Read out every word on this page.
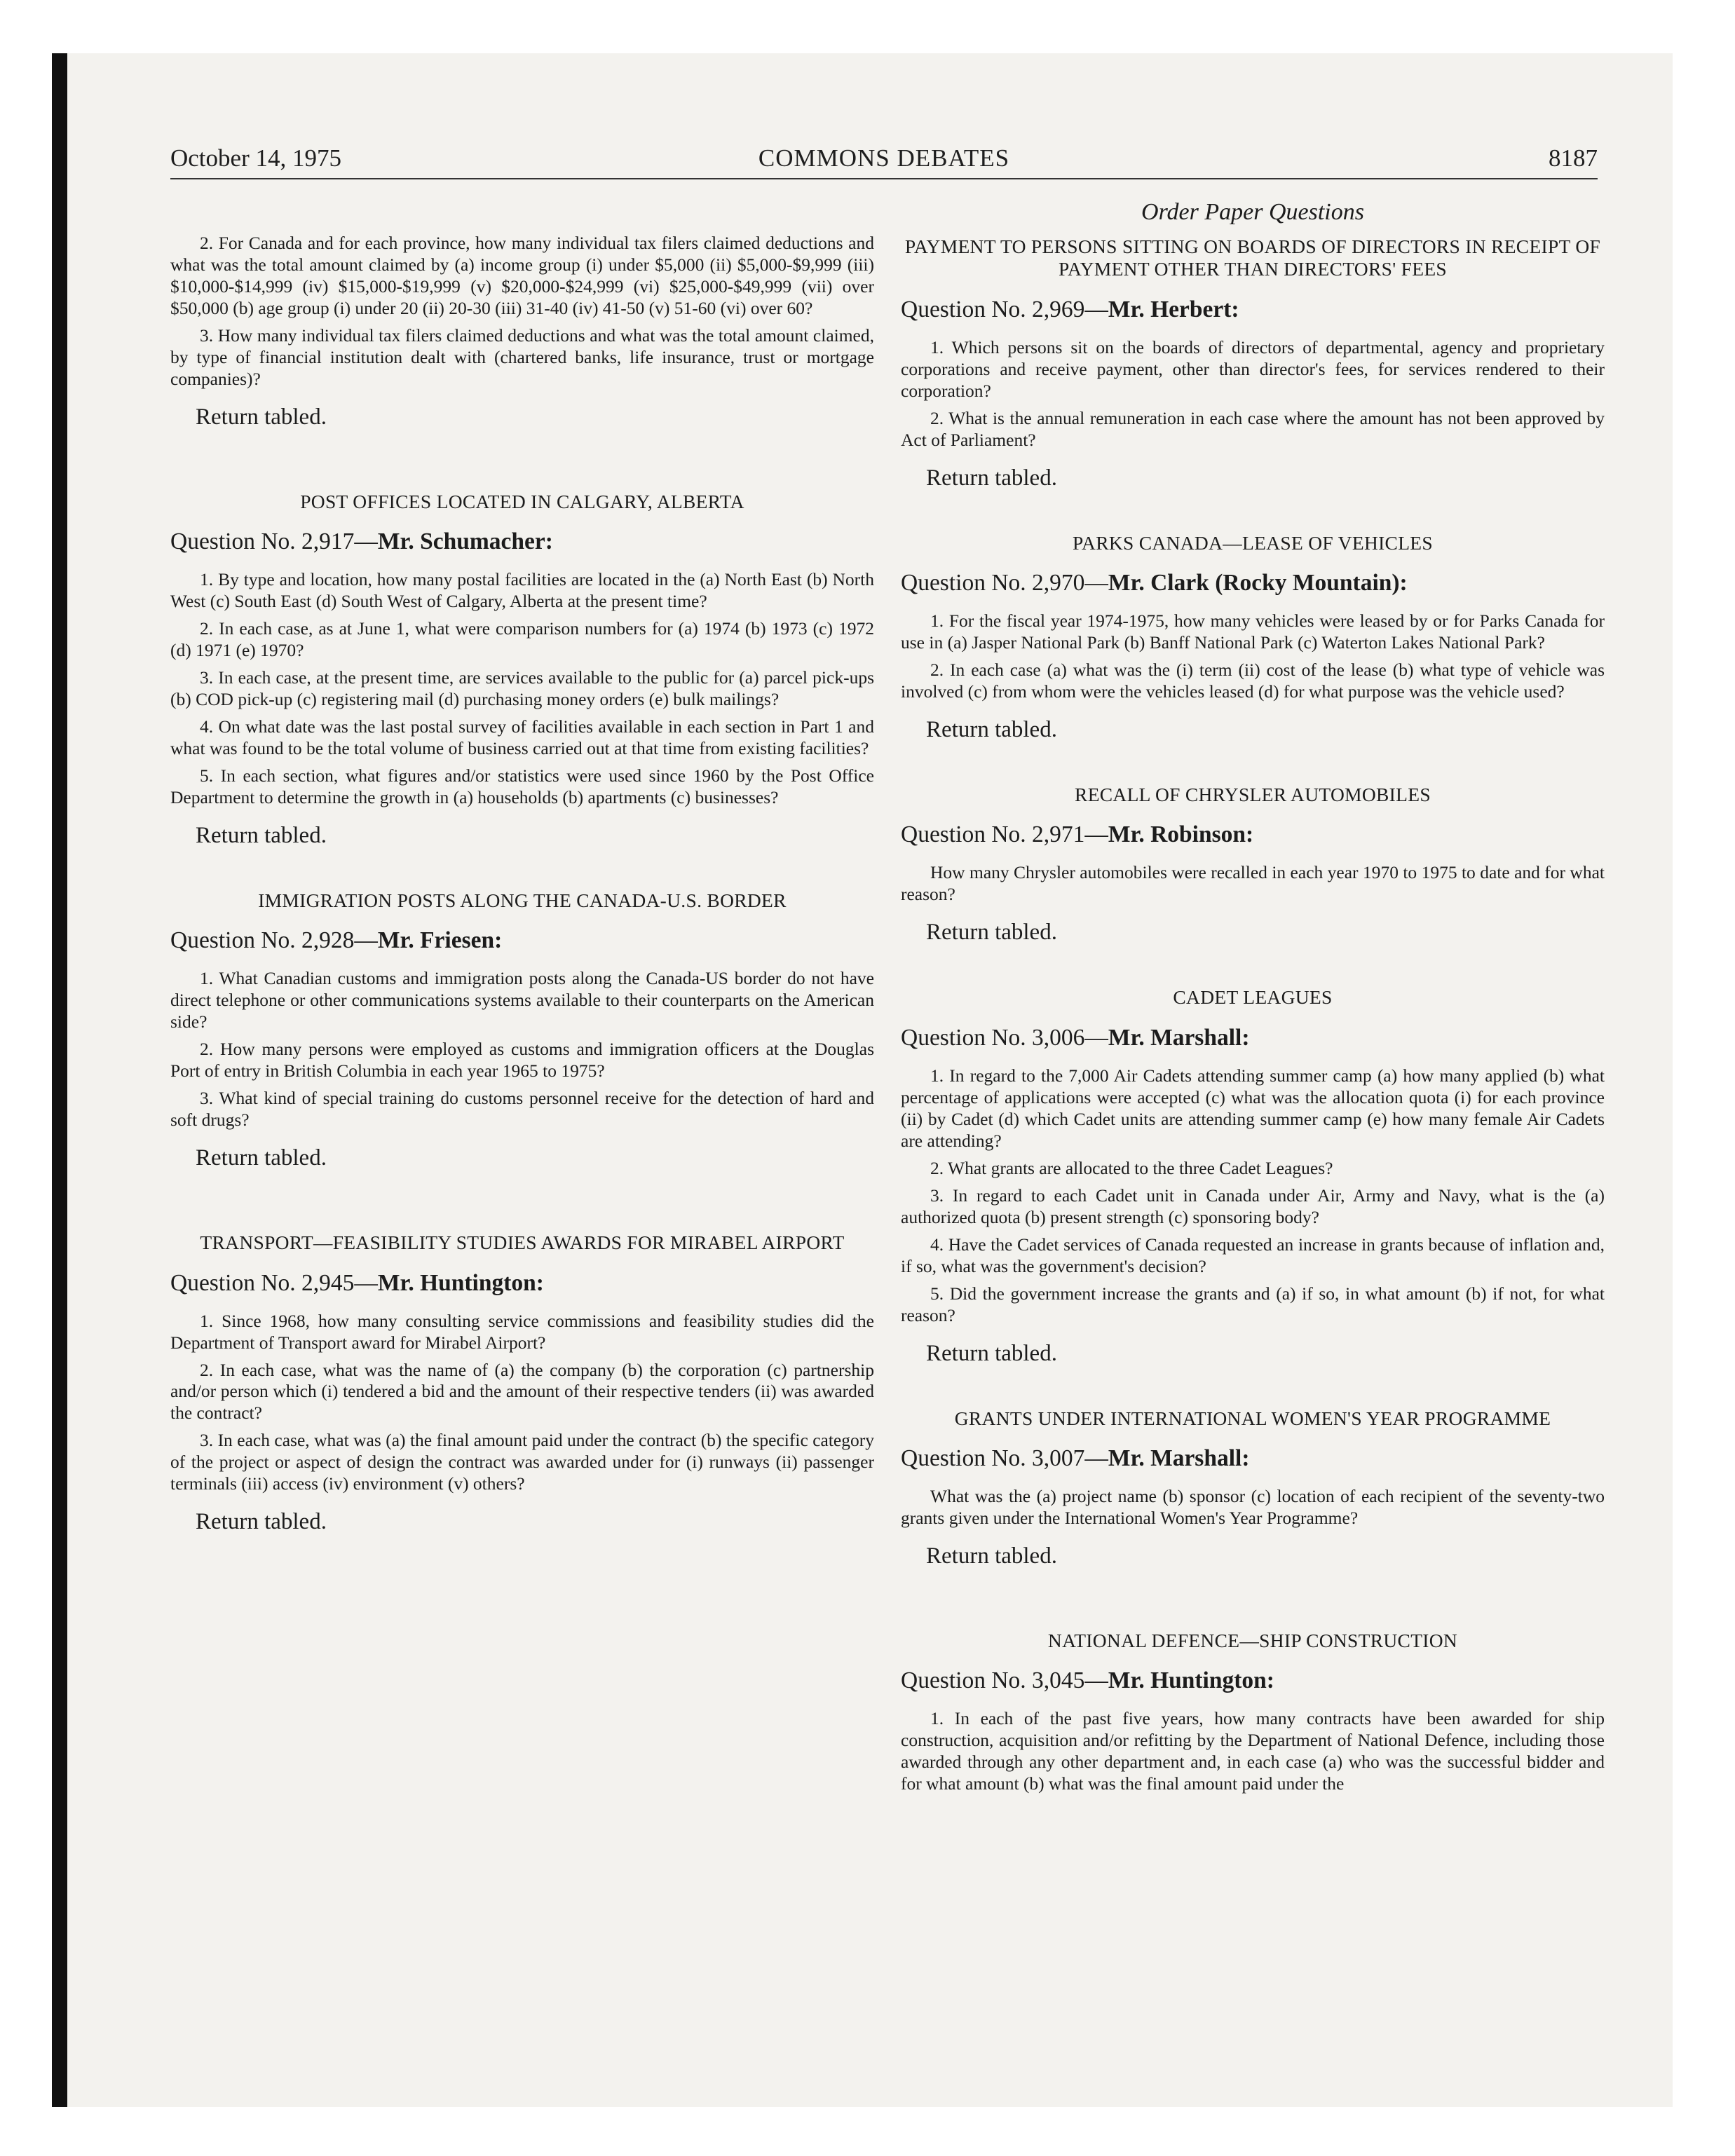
October 14, 1975	COMMONS DEBATES	8187

2. For Canada and for each province, how many individual tax filers claimed deductions and what was the total amount claimed by (a) income group (i) under $5,000 (ii) $5,000-$9,999 (iii) $10,000-$14,999 (iv) $15,000-$19,999 (v) $20,000-$24,999 (vi) $25,000-$49,999 (vii) over $50,000 (b) age group (i) under 20 (ii) 20-30 (iii) 31-40 (iv) 41-50 (v) 51-60 (vi) over 60?

3. How many individual tax filers claimed deductions and what was the total amount claimed, by type of financial institution dealt with (chartered banks, life insurance, trust or mortgage companies)?

Return tabled.
POST OFFICES LOCATED IN CALGARY, ALBERTA
Question No. 2,917—Mr. Schumacher:

1. By type and location, how many postal facilities are located in the (a) North East (b) North West (c) South East (d) South West of Calgary, Alberta at the present time?

2. In each case, as at June 1, what were comparison numbers for (a) 1974 (b) 1973 (c) 1972 (d) 1971 (e) 1970?

3. In each case, at the present time, are services available to the public for (a) parcel pick-ups (b) COD pick-up (c) registering mail (d) purchasing money orders (e) bulk mailings?

4. On what date was the last postal survey of facilities available in each section in Part 1 and what was found to be the total volume of business carried out at that time from existing facilities?

5. In each section, what figures and/or statistics were used since 1960 by the Post Office Department to determine the growth in (a) households (b) apartments (c) businesses?

Return tabled.
IMMIGRATION POSTS ALONG THE CANADA-U.S. BORDER
Question No. 2,928—Mr. Friesen:

1. What Canadian customs and immigration posts along the Canada-US border do not have direct telephone or other communications systems available to their counterparts on the American side?

2. How many persons were employed as customs and immigration officers at the Douglas Port of entry in British Columbia in each year 1965 to 1975?

3. What kind of special training do customs personnel receive for the detection of hard and soft drugs?

Return tabled.
TRANSPORT—FEASIBILITY STUDIES AWARDS FOR MIRABEL AIRPORT
Question No. 2,945—Mr. Huntington:

1. Since 1968, how many consulting service commissions and feasibility studies did the Department of Transport award for Mirabel Airport?

2. In each case, what was the name of (a) the company (b) the corporation (c) partnership and/or person which (i) tendered a bid and the amount of their respective tenders (ii) was awarded the contract?

3. In each case, what was (a) the final amount paid under the contract (b) the specific category of the project or aspect of design the contract was awarded under for (i) runways (ii) passenger terminals (iii) access (iv) environment (v) others?

Return tabled.
Order Paper Questions
PAYMENT TO PERSONS SITTING ON BOARDS OF DIRECTORS IN RECEIPT OF PAYMENT OTHER THAN DIRECTORS' FEES
Question No. 2,969—Mr. Herbert:

1. Which persons sit on the boards of directors of departmental, agency and proprietary corporations and receive payment, other than director's fees, for services rendered to their corporation?

2. What is the annual remuneration in each case where the amount has not been approved by Act of Parliament?

Return tabled.
PARKS CANADA—LEASE OF VEHICLES
Question No. 2,970—Mr. Clark (Rocky Mountain):

1. For the fiscal year 1974-1975, how many vehicles were leased by or for Parks Canada for use in (a) Jasper National Park (b) Banff National Park (c) Waterton Lakes National Park?

2. In each case (a) what was the (i) term (ii) cost of the lease (b) what type of vehicle was involved (c) from whom were the vehicles leased (d) for what purpose was the vehicle used?

Return tabled.
RECALL OF CHRYSLER AUTOMOBILES
Question No. 2,971—Mr. Robinson:

How many Chrysler automobiles were recalled in each year 1970 to 1975 to date and for what reason?

Return tabled.
CADET LEAGUES
Question No. 3,006—Mr. Marshall:

1. In regard to the 7,000 Air Cadets attending summer camp (a) how many applied (b) what percentage of applications were accepted (c) what was the allocation quota (i) for each province (ii) by Cadet (d) which Cadet units are attending summer camp (e) how many female Air Cadets are attending?

2. What grants are allocated to the three Cadet Leagues?

3. In regard to each Cadet unit in Canada under Air, Army and Navy, what is the (a) authorized quota (b) present strength (c) sponsoring body?

4. Have the Cadet services of Canada requested an increase in grants because of inflation and, if so, what was the government's decision?

5. Did the government increase the grants and (a) if so, in what amount (b) if not, for what reason?

Return tabled.
GRANTS UNDER INTERNATIONAL WOMEN'S YEAR PROGRAMME
Question No. 3,007—Mr. Marshall:

What was the (a) project name (b) sponsor (c) location of each recipient of the seventy-two grants given under the International Women's Year Programme?

Return tabled.
NATIONAL DEFENCE—SHIP CONSTRUCTION
Question No. 3,045—Mr. Huntington:

1. In each of the past five years, how many contracts have been awarded for ship construction, acquisition and/or refitting by the Department of National Defence, including those awarded through any other department and, in each case (a) who was the successful bidder and for what amount (b) what was the final amount paid under the
